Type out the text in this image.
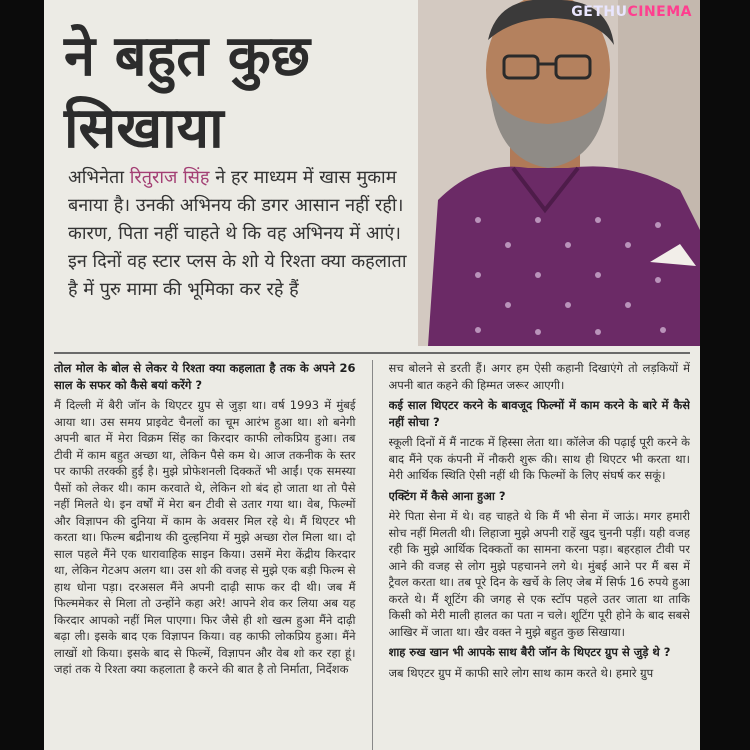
GETHUCINEMA
ने बहुत कुछ
सिखाया
अभिनेता रितुराज सिंह ने हर माध्यम में खास मुकाम बनाया है। उनकी अभिनय की डगर आसान नहीं रही। कारण, पिता नहीं चाहते थे कि वह अभिनय में आएं। इन दिनों वह स्टार प्लस के शो ये रिश्ता क्या कहलाता है में पुरु मामा की भूमिका कर रहे हैं

तोल मोल के बोल से लेकर ये रिश्ता क्या कहलाता है तक के अपने 26 साल के सफर को कैसे बयां करेंगे ?

मैं दिल्ली में बैरी जॉन के थिएटर ग्रुप से जुड़ा था। वर्ष 1993 में मुंबई आया था। उस समय प्राइवेट चैनलों का चूम आरंभ हुआ था। शो बनेगी अपनी बात में मेरा विक्रम सिंह का किरदार काफी लोकप्रिय हुआ। तब टीवी में काम बहुत अच्छा था, लेकिन पैसे कम थे। आज तकनीक के स्तर पर काफी तरक्की हुई है। मुझे प्रोफेशनली दिक्कतें भी आईं। एक समस्या पैसों को लेकर थी। काम करवाते थे, लेकिन शो बंद हो जाता था तो पैसे नहीं मिलते थे। इन वर्षों में मेरा बन टीवी से उतार गया था। वेब, फिल्मों और विज्ञापन की दुनिया में काम के अवसर मिल रहे थे। मैं थिएटर भी करता था। फिल्म बद्रीनाथ की दुल्हनिया में मुझे अच्छा रोल मिला था। दो साल पहले मैंने एक धारावाहिक साइन किया। उसमें मेरा केंद्रीय किरदार था, लेकिन गेटअप अलग था। उस शो की वजह से मुझे एक बड़ी फिल्म से हाथ धोना पड़ा। दरअसल मैंने अपनी दाढ़ी साफ कर दी थी। जब मैं फिल्ममेकर से मिला तो उन्होंने कहा अरे! आपने शेव कर लिया अब यह किरदार आपको नहीं मिल पाएगा। फिर जैसे ही शो खत्म हुआ मैंने दाढ़ी बढ़ा ली। इसके बाद एक विज्ञापन किया। वह काफी लोकप्रिय हुआ। मैंने लाखों शो किया। इसके बाद से फिल्में, विज्ञापन और वेब शो कर रहा हूं। जहां तक ये रिश्ता क्या कहलाता है करने की बात है तो निर्माता, निर्देशक

सच बोलने से डरती हैं। अगर हम ऐसी कहानी दिखाएंगे तो लड़कियों में अपनी बात कहने की हिम्मत जरूर आएगी।

कई साल थिएटर करने के बावजूद फिल्मों में काम करने के बारे में कैसे नहीं सोचा ?

स्कूली दिनों में मैं नाटक में हिस्सा लेता था। कॉलेज की पढ़ाई पूरी करने के बाद मैंने एक कंपनी में नौकरी शुरू की। साथ ही थिएटर भी करता था। मेरी आर्थिक स्थिति ऐसी नहीं थी कि फिल्मों के लिए संघर्ष कर सकूं।

एक्टिंग में कैसे आना हुआ ?

मेरे पिता सेना में थे। वह चाहते थे कि मैं भी सेना में जाऊं। मगर हमारी सोच नहीं मिलती थी। लिहाजा मुझे अपनी राहें खुद चुननी पड़ीं। यही वजह रही कि मुझे आर्थिक दिक्कतों का सामना करना पड़ा। बहरहाल टीवी पर आने की वजह से लोग मुझे पहचानने लगे थे। मुंबई आने पर मैं बस में ट्रैवल करता था। तब पूरे दिन के खर्चे के लिए जेब में सिर्फ 16 रुपये हुआ करते थे। मैं शूटिंग की जगह से एक स्टॉप पहले उतर जाता था ताकि किसी को मेरी माली हालत का पता न चले। शूटिंग पूरी होने के बाद सबसे आखिर में जाता था। खैर वक्त ने मुझे बहुत कुछ सिखाया।

शाह रुख खान भी आपके साथ बैरी जॉन के थिएटर ग्रुप से जुड़े थे ?

जब थिएटर ग्रुप में काफी सारे लोग साथ काम करते थे। हमारे ग्रुप
